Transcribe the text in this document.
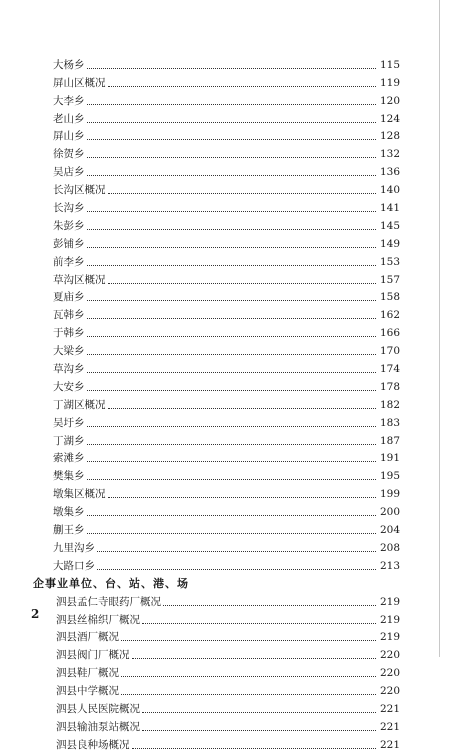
大杨乡	115
屏山区概况	119
大李乡	120
老山乡	124
屏山乡	128
徐贺乡	132
吴店乡	136
长沟区概况	140
长沟乡	141
朱彭乡	145
彭铺乡	149
前李乡	153
草沟区概况	157
夏庙乡	158
瓦韩乡	162
于韩乡	166
大梁乡	170
草沟乡	174
大安乡	178
丁湖区概况	182
吴圩乡	183
丁湖乡	187
索滩乡	191
樊集乡	195
墩集区概况	199
墩集乡	200
蒯王乡	204
九里沟乡	208
大路口乡	213
企事业单位、台、站、港、场
泗县孟仁寺眼药厂概况	219
泗县丝棉织厂概况	219
泗县酒厂概况	219
泗县阀门厂概况	220
泗县鞋厂概况	220
泗县中学概况	220
泗县人民医院概况	221
泗县输油泵站概况	221
泗县良种场概况	221
2
